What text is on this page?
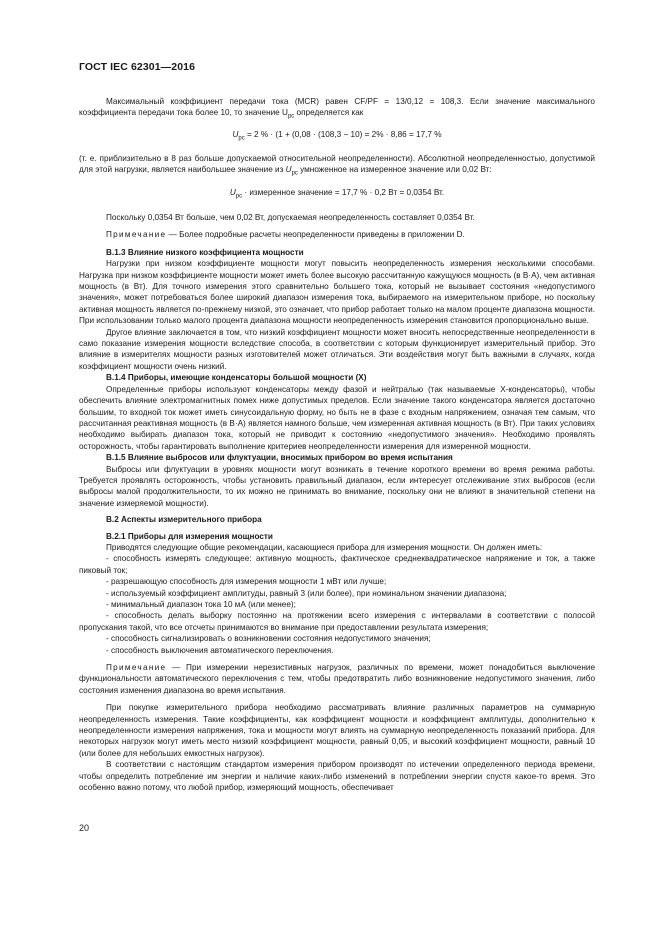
ГОСТ IEC 62301—2016

Максимальный коэффициент передачи тока (MCR) равен CF/PF = 13/0,12 = 108,3. Если значение максимального коэффициента передачи тока более 10, то значение $U_{pc}$ определяется как

$U_{pc} = 2$ % · (1 + (0,08 · (108,3 − 10) = 2% · 8,86 = 17,7 %

(т. е. приблизительно в 8 раз больше допускаемой относительной неопределенности). Абсолютной неопределенностью, допустимой для этой нагрузки, является наибольшее значение из $U_{pc}$ умноженное на измеренное значение или 0,02 Вт:

$U_{pc}$ · измеренное значение = 17,7 % · 0,2 Вт = 0,0354 Вт.

Поскольку 0,0354 Вт больше, чем 0,02 Вт, допускаемая неопределенность составляет 0,0354 Вт.

Примечание — Более подробные расчеты неопределенности приведены в приложении D.

В.1.3 Влияние низкого коэффициента мощности

Нагрузки при низком коэффициенте мощности могут повысить неопределенность измерения несколькими способами. Нагрузка при низком коэффициенте мощности может иметь более высокую рассчитанную кажущуюся мощность (в В·А), чем активная мощность (в Вт). Для точного измерения этого сравнительно большего тока, который не вызывает состояния «недопустимого значения», может потребоваться более широкий диапазон измерения тока, выбираемого на измерительном приборе, но поскольку активная мощность является по-прежнему низкой, это означает, что прибор работает только на малом проценте диапазона мощности. При использовании только малого процента диапазона мощности неопределенность измерения становится пропорционально выше.

Другое влияние заключается в том, что низкий коэффициент мощности может вносить непосредственные неопределенности в само показание измерения мощности вследствие способа, в соответствии с которым функционирует измерительный прибор. Это влияние в измерителях мощности разных изготовителей может отличаться. Эти воздействия могут быть важными в случаях, когда коэффициент мощности очень низкий.

В.1.4 Приборы, имеющие конденсаторы большой мощности (Х)

Определенные приборы используют конденсаторы между фазой и нейтралью (так называемые Х-конденсаторы), чтобы обеспечить влияние электромагнитных помех ниже допустимых пределов. Если значение такого конденсатора является достаточно большим, то входной ток может иметь синусоидальную форму, но быть не в фазе с входным напряжением, означая тем самым, что рассчитанная реактивная мощность (в В·А) является намного больше, чем измеренная активная мощность (в Вт). При таких условиях необходимо выбирать диапазон тока, который не приводит к состоянию «недопустимого значения». Необходимо проявлять осторожность, чтобы гарантировать выполнение критериев неопределенности измерения для измеренной мощности.

В.1.5 Влияние выбросов или флуктуации, вносимых прибором во время испытания

Выбросы или флуктуации в уровнях мощности могут возникать в течение короткого времени во время режима работы. Требуется проявлять осторожность, чтобы установить правильный диапазон, если интересует отслеживание этих выбросов (если выбросы малой продолжительности, то их можно не принимать во внимание, поскольку они не влияют в значительной степени на значение измеряемой мощности).

В.2 Аспекты измерительного прибора

В.2.1 Приборы для измерения мощности

Приводятся следующие общие рекомендации, касающиеся прибора для измерения мощности. Он должен иметь:

- способность измерять следующее: активную мощность, фактическое среднеквадратическое напряжение и ток, а также пиковый ток;

- разрешающую способность для измерения мощности 1 мВт или лучше;

- используемый коэффициент амплитуды, равный 3 (или более), при номинальном значении диапазона;

- минимальный диапазон тока 10 мА (или менее);

- способность делать выборку постоянно на протяжении всего измерения с интервалами в соответствии с полосой пропускания такой, что все отсчеты принимаются во внимание при предоставлении результата измерения;

- способность сигнализировать о возникновении состояния недопустимого значения;

- способность выключения автоматического переключения.

Примечание — При измерении нерезистивных нагрузок, различных по времени, может понадобиться выключение функциональности автоматического переключения с тем, чтобы предотвратить либо возникновение недопустимого значения, либо состояния изменения диапазона во время испытания.

При покупке измерительного прибора необходимо рассматривать влияние различных параметров на суммарную неопределенность измерения. Такие коэффициенты, как коэффициент мощности и коэффициент амплитуды, дополнительно к неопределенности измерения напряжения, тока и мощности могут влиять на суммарную неопределенность показаний прибора. Для некоторых нагрузок могут иметь место низкий коэффициент мощности, равный 0,05, и высокий коэффициент мощности, равный 10 (или более для небольших емкостных нагрузок).

В соответствии с настоящим стандартом измерения прибором производят по истечении определенного периода времени, чтобы определить потребление им энергии и наличие каких-либо изменений в потреблении энергии спустя какое-то время. Это особенно важно потому, что любой прибор, измеряющий мощность, обеспечивает

20
